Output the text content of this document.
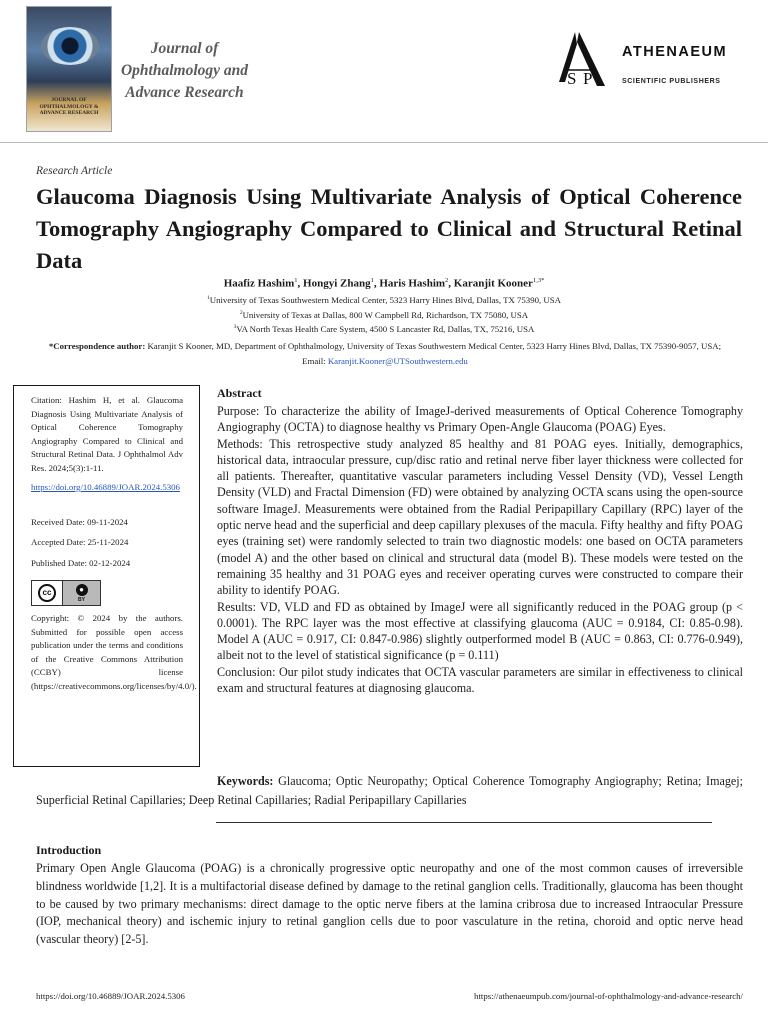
JOURNAL OF OPHTHALMOLOGY & ADVANCE RESEARCH
Journal of
Ophthalmology and
Advance Research
S P
ATHENAEUM
SCIENTIFIC PUBLISHERS
Research Article
Glaucoma Diagnosis Using Multivariate Analysis of Optical Coherence Tomography Angiography Compared to Clinical and Structural Retinal Data
Haafiz Hashim$^1$, Hongyi Zhang$^1$, Haris Hashim$^2$, Karanjit Kooner$^{1,3*}$
$^1$University of Texas Southwestern Medical Center, 5323 Harry Hines Blvd, Dallas, TX 75390, USA
$^2$University of Texas at Dallas, 800 W Campbell Rd, Richardson, TX 75080, USA
$^3$VA North Texas Health Care System, 4500 S Lancaster Rd, Dallas, TX, 75216, USA
*Correspondence author: Karanjit S Kooner, MD, Department of Ophthalmology, University of Texas Southwestern Medical Center, 5323 Harry Hines Blvd, Dallas, TX 75390-9057, USA; Email: Karanjit.Kooner@UTSouthwestern.edu
Citation: Hashim H, et al. Glaucoma Diagnosis Using Multivariate Analysis of Optical Coherence Tomography Angiography Compared to Clinical and Structural Retinal Data. J Ophthalmol Adv Res. 2024;5(3):1-11.
https://doi.org/10.46889/JOAR.2024.5306
Received Date: 09-11-2024
Accepted Date: 25-11-2024
Published Date: 02-12-2024
cc	●
BY
Copyright: © 2024 by the authors. Submitted for possible open access publication under the terms and conditions of the Creative Commons Attribution (CCBY) license (https://creativecommons.org/licenses/by/4.0/).
Abstract

Purpose: To characterize the ability of ImageJ-derived measurements of Optical Coherence Tomography Angiography (OCTA) to diagnose healthy vs Primary Open-Angle Glaucoma (POAG) Eyes.

Methods: This retrospective study analyzed 85 healthy and 81 POAG eyes. Initially, demographics, historical data, intraocular pressure, cup/disc ratio and retinal nerve fiber layer thickness were collected for all patients. Thereafter, quantitative vascular parameters including Vessel Density (VD), Vessel Length Density (VLD) and Fractal Dimension (FD) were obtained by analyzing OCTA scans using the open-source software ImageJ. Measurements were obtained from the Radial Peripapillary Capillary (RPC) layer of the optic nerve head and the superficial and deep capillary plexuses of the macula. Fifty healthy and fifty POAG eyes (training set) were randomly selected to train two diagnostic models: one based on OCTA parameters (model A) and the other based on clinical and structural data (model B). These models were tested on the remaining 35 healthy and 31 POAG eyes and receiver operating curves were constructed to compare their ability to identify POAG.

Results: VD, VLD and FD as obtained by ImageJ were all significantly reduced in the POAG group (p < 0.0001). The RPC layer was the most effective at classifying glaucoma (AUC = 0.9184, CI: 0.85-0.98). Model A (AUC = 0.917, CI: 0.847-0.986) slightly outperformed model B (AUC = 0.863, CI: 0.776-0.949), albeit not to the level of statistical significance (p = 0.111)

Conclusion: Our pilot study indicates that OCTA vascular parameters are similar in effectiveness to clinical exam and structural features at diagnosing glaucoma.

Keywords: Glaucoma; Optic Neuropathy; Optical Coherence Tomography Angiography; Retina; Imagej; Superficial Retinal Capillaries; Deep Retinal Capillaries; Radial Peripapillary Capillaries
Introduction

Primary Open Angle Glaucoma (POAG) is a chronically progressive optic neuropathy and one of the most common causes of irreversible blindness worldwide [1,2]. It is a multifactorial disease defined by damage to the retinal ganglion cells. Traditionally, glaucoma has been thought to be caused by two primary mechanisms: direct damage to the optic nerve fibers at the lamina cribrosa due to increased Intraocular Pressure (IOP, mechanical theory) and ischemic injury to retinal ganglion cells due to poor vasculature in the retina, choroid and optic nerve head (vascular theory) [2-5].

https://doi.org/10.46889/JOAR.2024.5306	https://athenaeumpub.com/journal-of-ophthalmology-and-advance-research/
